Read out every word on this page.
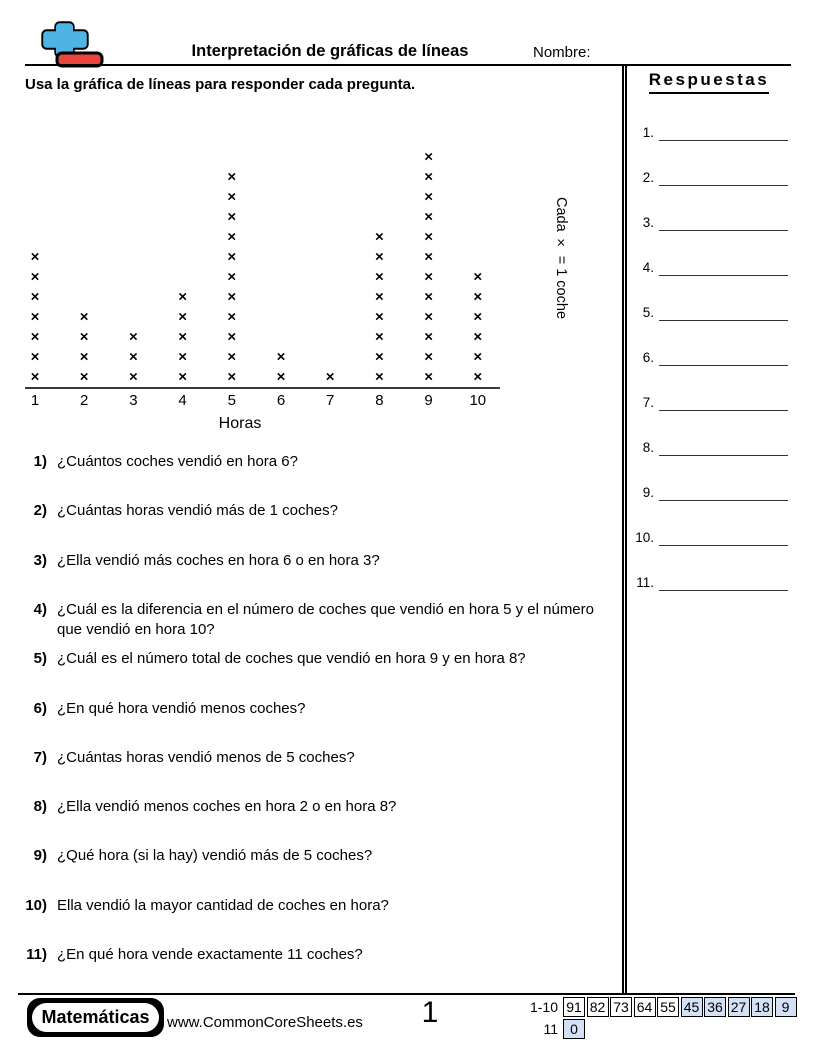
Interpretación de gráficas de líneas	Nombre:
Usa la gráfica de líneas para responder cada pregunta.	Respuestas
1.
2.
3.
4.
5.
6.
7.
8.
9.
10.
11.
Horas
Cada × = 1 coche
1
×
×
×
×
×
×
×
2
×
×
×
×
3
×
×
×
4
×
×
×
×
×
5
×
×
×
×
×
×
×
×
×
×
×
6
×
×
7
×
8
×
×
×
×
×
×
×
×
9
×
×
×
×
×
×
×
×
×
×
×
×
10
×
×
×
×
×
×
1) ¿Cuántos coches vendió en hora 6?
2) ¿Cuántas horas vendió más de 1 coches?
3) ¿Ella vendió más coches en hora 6 o en hora 3?
4) ¿Cuál es la diferencia en el número de coches que vendió en hora 5 y el número que vendió en hora 10?
5) ¿Cuál es el número total de coches que vendió en hora 9 y en hora 8?
6) ¿En qué hora vendió menos coches?
7) ¿Cuántas horas vendió menos de 5 coches?
8) ¿Ella vendió menos coches en hora 2 o en hora 8?
9) ¿Qué hora (si la hay) vendió más de 5 coches?
10) Ella vendió la mayor cantidad de coches en hora?
11) ¿En qué hora vende exactamente 11 coches?
Matemáticas	www.CommonCoreSheets.es	1	1-10 91 82 73 64 55 45 36 27 18 9
11 0
